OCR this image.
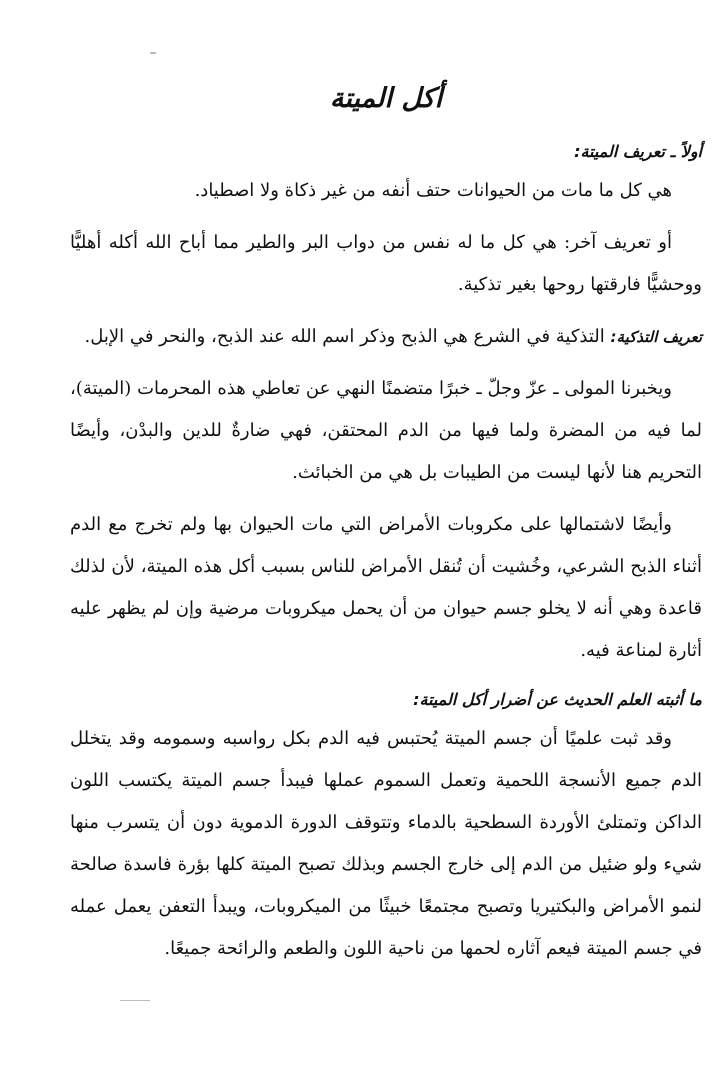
أكل الميتة
أولاً ـ تعريف الميتة:

هي كل ما مات من الحيوانات حتف أنفه من غير ذكاة ولا اصطياد.

أو تعريف آخر: هي كل ما له نفس من دواب البر والطير مما أباح الله أكله أهليًّا ووحشيًّا فارقتها روحها بغير تذكية.

تعريف التذكية: التذكية في الشرع هي الذبح وذكر اسم الله عند الذبح، والنحر في الإبل.

ويخبرنا المولى ـ عزّ وجلّ ـ خبرًا متضمنًا النهي عن تعاطي هذه المحرمات (الميتة)، لما فيه من المضرة ولما فيها من الدم المحتقن، فهي ضارةٌ للدين والبدْن، وأيضًا التحريم هنا لأنها ليست من الطيبات بل هي من الخبائث.

وأيضًا لاشتمالها على مكروبات الأمراض التي مات الحيوان بها ولم تخرج مع الدم أثناء الذبح الشرعي، وخُشيت أن تُنقل الأمراض للناس بسبب أكل هذه الميتة، لأن لذلك قاعدة وهي أنه لا يخلو جسم حيوان من أن يحمل ميكروبات مرضية وإن لم يظهر عليه أثارة لمناعة فيه.

ما أثبته العلم الحديث عن أضرار أكل الميتة:

وقد ثبت علميًا أن جسم الميتة يُحتبس فيه الدم بكل رواسبه وسمومه وقد يتخلل الدم جميع الأنسجة اللحمية وتعمل السموم عملها فيبدأ جسم الميتة يكتسب اللون الداكن وتمتلئ الأوردة السطحية بالدماء وتتوقف الدورة الدموية دون أن يتسرب منها شيء ولو ضئيل من الدم إلى خارج الجسم وبذلك تصبح الميتة كلها بؤرة فاسدة صالحة لنمو الأمراض والبكتيريا وتصبح مجتمعًا خبيثًا من الميكروبات، ويبدأ التعفن يعمل عمله في جسم الميتة فيعم آثاره لحمها من ناحية اللون والطعم والرائحة جميعًا.
